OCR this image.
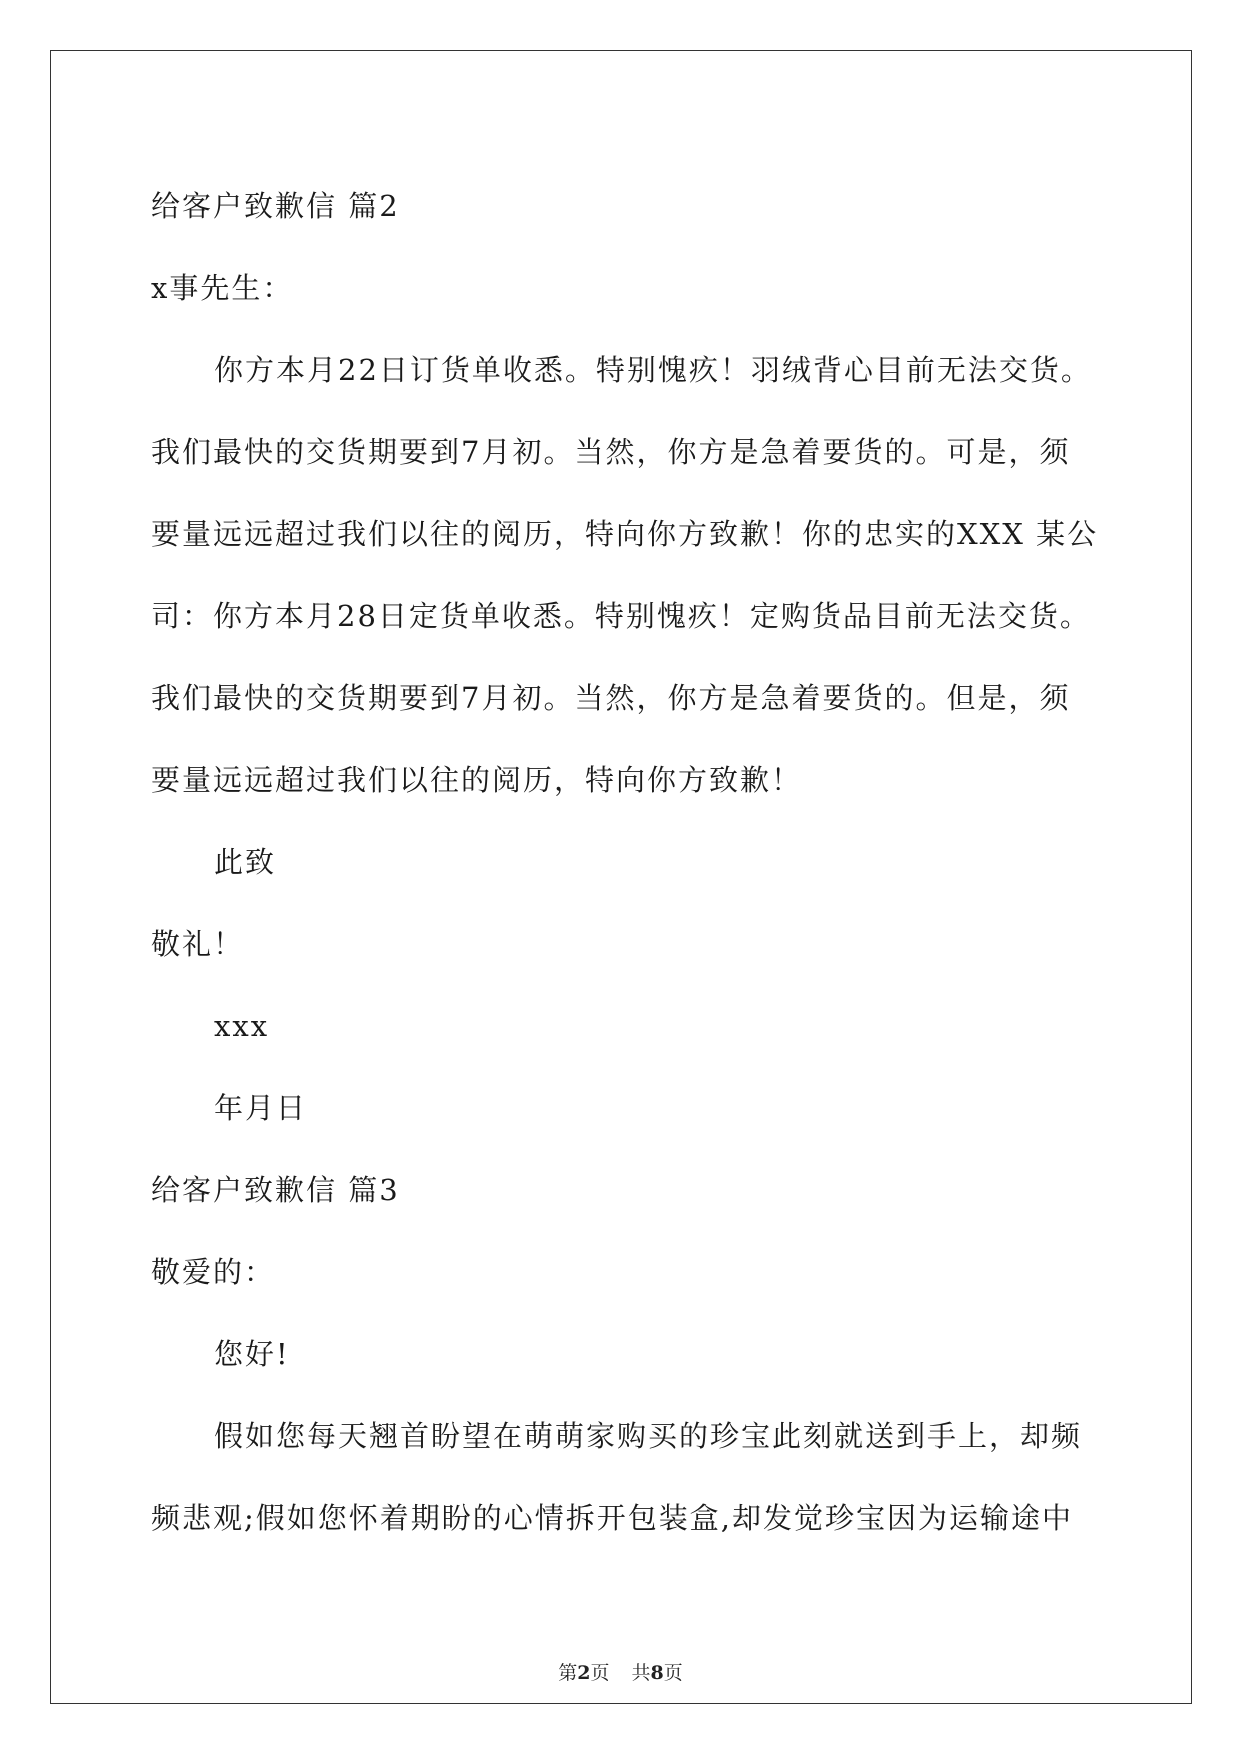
给客户致歉信 篇2
x事先生：
你方本月22日订货单收悉。特别愧疚！羽绒背心目前无法交货。
我们最快的交货期要到7月初。当然，你方是急着要货的。可是，须
要量远远超过我们以往的阅历，特向你方致歉！你的忠实的XXX 某公
司：你方本月28日定货单收悉。特别愧疚！定购货品目前无法交货。
我们最快的交货期要到7月初。当然，你方是急着要货的。但是，须
要量远远超过我们以往的阅历，特向你方致歉！
此致
敬礼！
xxx
年月日
给客户致歉信 篇3
敬爱的：
您好!
假如您每天翘首盼望在萌萌家购买的珍宝此刻就送到手上，却频
频悲观;假如您怀着期盼的心情拆开包装盒,却发觉珍宝因为运输途中
第2页 共8页
